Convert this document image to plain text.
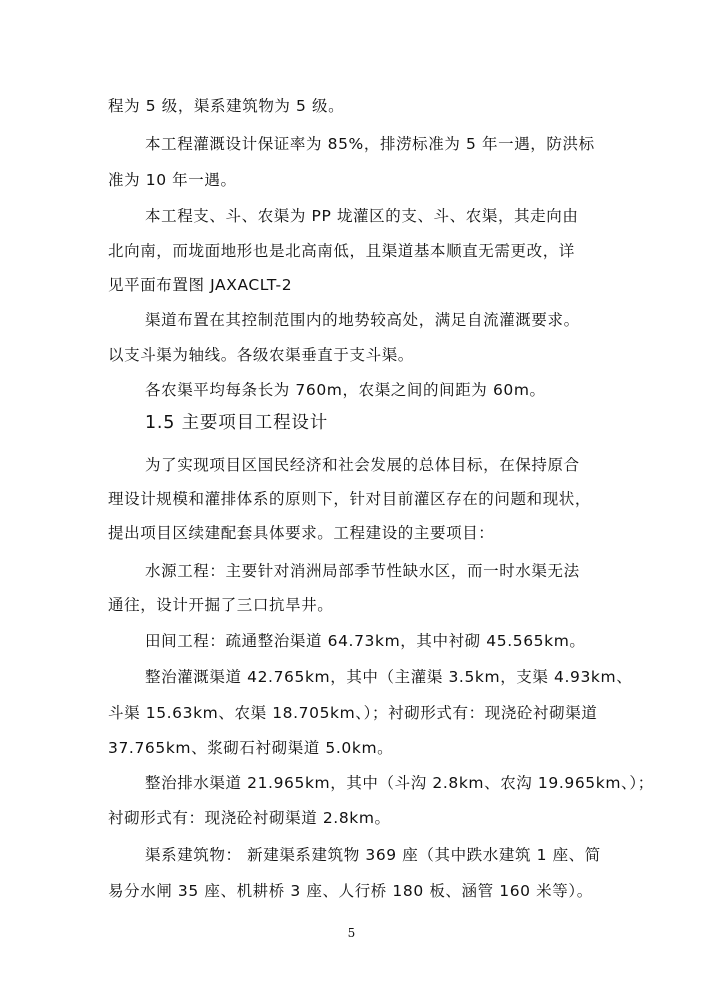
程为 5 级，渠系建筑物为 5 级。
本工程灌溉设计保证率为 85%，排涝标准为 5 年一遇，防洪标
准为 10 年一遇。
本工程支、斗、农渠为 PP 垅灌区的支、斗、农渠，其走向由
北向南，而垅面地形也是北高南低，且渠道基本顺直无需更改，详
见平面布置图 JAXACLT-2
渠道布置在其控制范围内的地势较高处，满足自流灌溉要求。
以支斗渠为轴线。各级农渠垂直于支斗渠。
各农渠平均每条长为 760m，农渠之间的间距为 60m。
1.5 主要项目工程设计
为了实现项目区国民经济和社会发展的总体目标，在保持原合
理设计规模和灌排体系的原则下，针对目前灌区存在的问题和现状，
提出项目区续建配套具体要求。工程建设的主要项目：
水源工程：主要针对消洲局部季节性缺水区，而一时水渠无法
通往，设计开掘了三口抗旱井。
田间工程：疏通整治渠道 64.73km，其中衬砌 45.565km。
整治灌溉渠道 42.765km，其中（主灌渠 3.5km，支渠 4.93km、
斗渠 15.63km、农渠 18.705km、）；衬砌形式有：现浇砼衬砌渠道
37.765km、浆砌石衬砌渠道 5.0km。
整治排水渠道 21.965km，其中（斗沟 2.8km、农沟 19.965km、）；
衬砌形式有：现浇砼衬砌渠道 2.8km。
渠系建筑物： 新建渠系建筑物 369 座（其中跌水建筑 1 座、简
易分水闸 35 座、机耕桥 3 座、人行桥 180 板、涵管 160 米等）。
5
